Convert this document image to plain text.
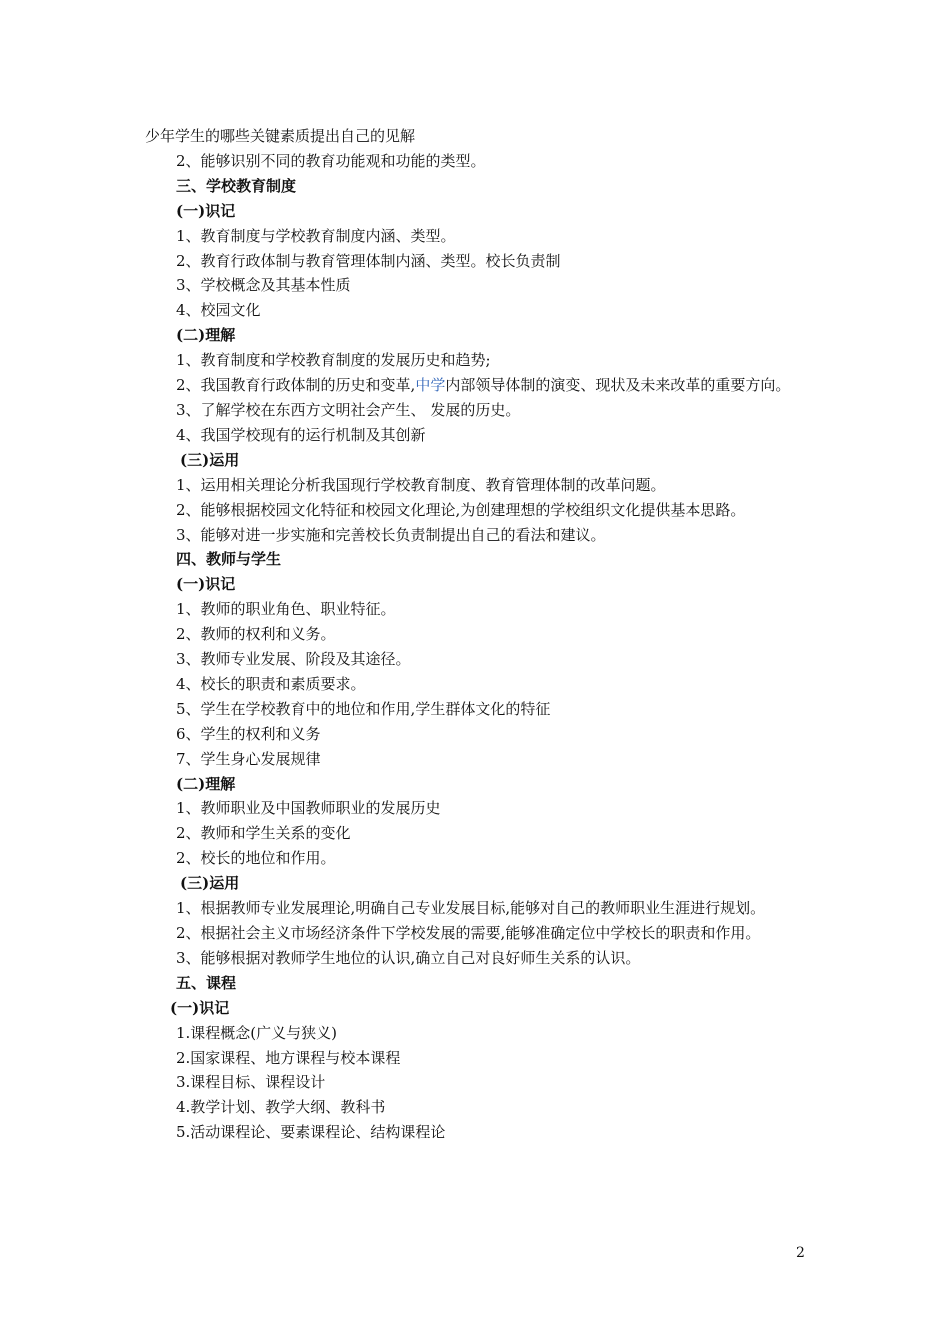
少年学生的哪些关键素质提出自己的见解
2、能够识别不同的教育功能观和功能的类型。
三、学校教育制度
(一)识记
1、教育制度与学校教育制度内涵、类型。
2、教育行政体制与教育管理体制内涵、类型。校长负责制
3、学校概念及其基本性质
4、校园文化
(二)理解
1、教育制度和学校教育制度的发展历史和趋势;
2、我国教育行政体制的历史和变革,中学内部领导体制的演变、现状及未来改革的重要方向。
3、了解学校在东西方文明社会产生、 发展的历史。
4、我国学校现有的运行机制及其创新
(三)运用
1、运用相关理论分析我国现行学校教育制度、教育管理体制的改革问题。
2、能够根据校园文化特征和校园文化理论,为创建理想的学校组织文化提供基本思路。
3、能够对进一步实施和完善校长负责制提出自己的看法和建议。
四、教师与学生
(一)识记
1、教师的职业角色、职业特征。
2、教师的权利和义务。
3、教师专业发展、阶段及其途径。
4、校长的职责和素质要求。
5、学生在学校教育中的地位和作用,学生群体文化的特征
6、学生的权利和义务
7、学生身心发展规律
(二)理解
1、教师职业及中国教师职业的发展历史
2、教师和学生关系的变化
2、校长的地位和作用。
(三)运用
1、根据教师专业发展理论,明确自己专业发展目标,能够对自己的教师职业生涯进行规划。
2、根据社会主义市场经济条件下学校发展的需要,能够准确定位中学校长的职责和作用。
3、能够根据对教师学生地位的认识,确立自己对良好师生关系的认识。
五、课程
(一)识记
1.课程概念(广义与狭义)
2.国家课程、地方课程与校本课程
3.课程目标、课程设计
4.教学计划、教学大纲、教科书
5.活动课程论、要素课程论、结构课程论
2
